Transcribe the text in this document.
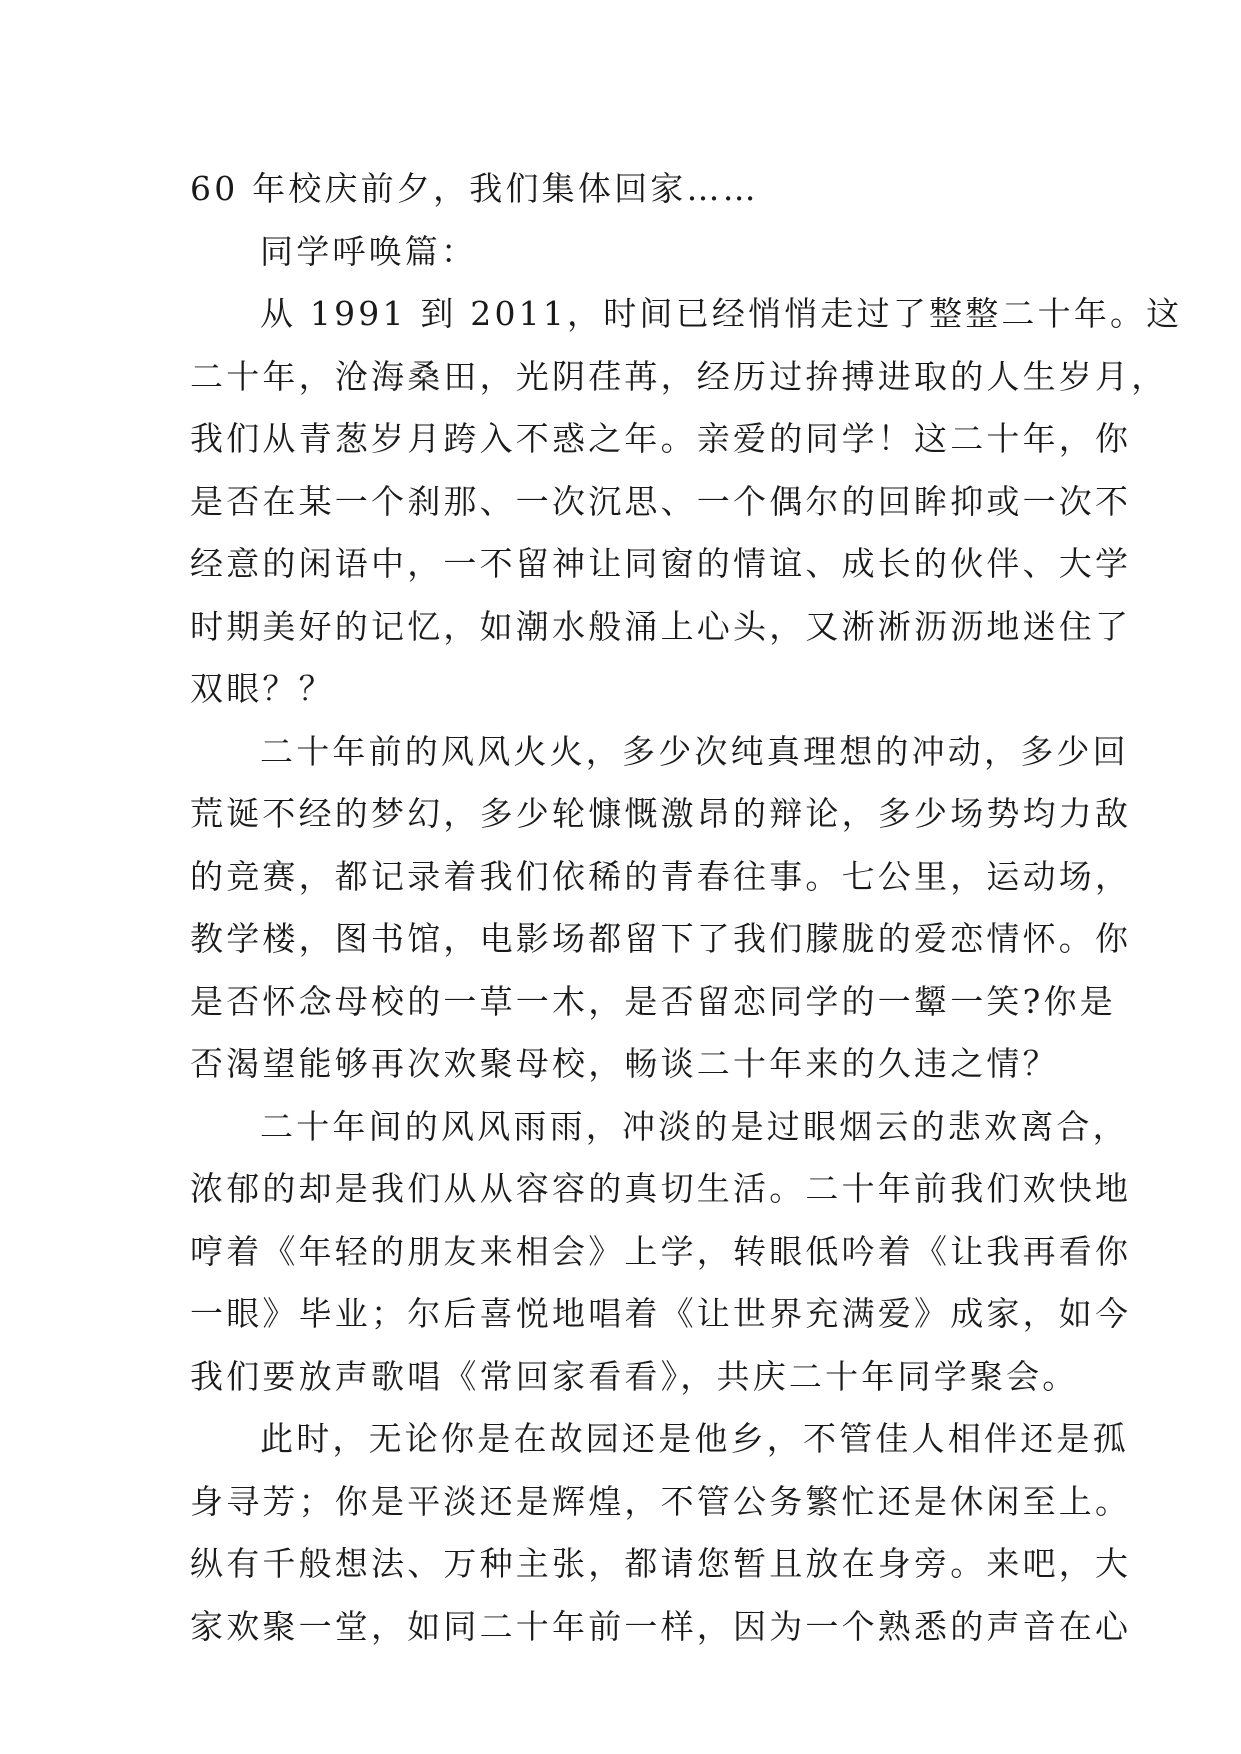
60 年校庆前夕，我们集体回家……
同学呼唤篇：
从 1991 到 2011，时间已经悄悄走过了整整二十年。这
二十年，沧海桑田，光阴荏苒，经历过拚搏进取的人生岁月，
我们从青葱岁月跨入不惑之年。亲爱的同学！这二十年，你
是否在某一个刹那、一次沉思、一个偶尔的回眸抑或一次不
经意的闲语中，一不留神让同窗的情谊、成长的伙伴、大学
时期美好的记忆，如潮水般涌上心头，又淅淅沥沥地迷住了
双眼？？
二十年前的风风火火，多少次纯真理想的冲动，多少回
荒诞不经的梦幻，多少轮慷慨激昂的辩论，多少场势均力敌
的竞赛，都记录着我们依稀的青春往事。七公里，运动场，
教学楼，图书馆，电影场都留下了我们朦胧的爱恋情怀。你
是否怀念母校的一草一木，是否留恋同学的一颦一笑?你是
否渴望能够再次欢聚母校，畅谈二十年来的久违之情？
二十年间的风风雨雨，冲淡的是过眼烟云的悲欢离合，
浓郁的却是我们从从容容的真切生活。二十年前我们欢快地
哼着《年轻的朋友来相会》上学，转眼低吟着《让我再看你
一眼》毕业；尔后喜悦地唱着《让世界充满爱》成家，如今
我们要放声歌唱《常回家看看》，共庆二十年同学聚会。
此时，无论你是在故园还是他乡，不管佳人相伴还是孤
身寻芳；你是平淡还是辉煌，不管公务繁忙还是休闲至上。
纵有千般想法、万种主张，都请您暂且放在身旁。来吧，大
家欢聚一堂，如同二十年前一样，因为一个熟悉的声音在心
